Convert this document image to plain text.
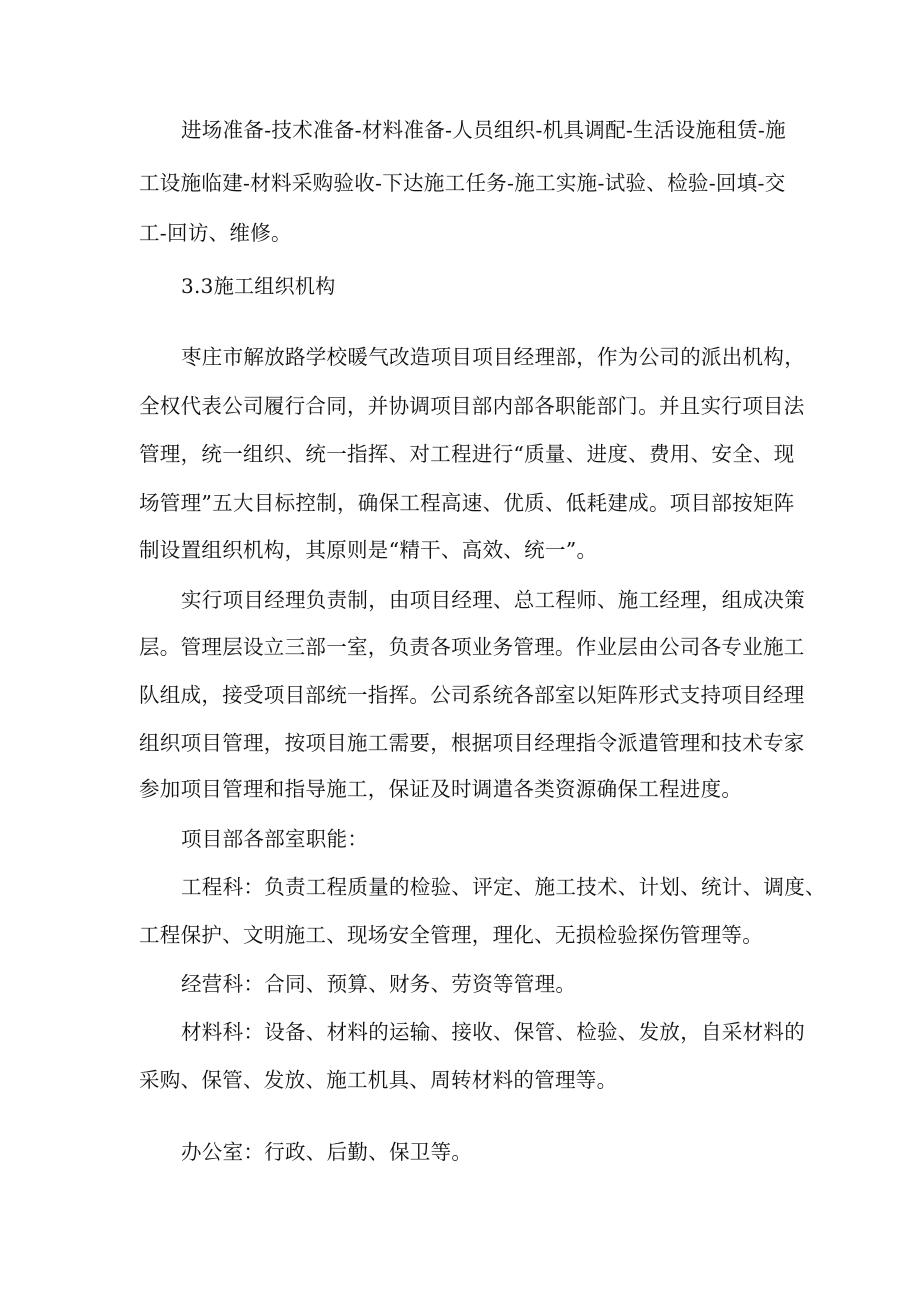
进场准备-技术准备-材料准备-人员组织-机具调配-生活设施租赁-施
工设施临建-材料采购验收-下达施工任务-施工实施-试验、检验-回填-交
工-回访、维修。
3.3施工组织机构
枣庄市解放路学校暖气改造项目项目经理部，作为公司的派出机构，
全权代表公司履行合同，并协调项目部内部各职能部门。并且实行项目法
管理，统一组织、统一指挥、对工程进行“质量、进度、费用、安全、现
场管理”五大目标控制，确保工程高速、优质、低耗建成。项目部按矩阵
制设置组织机构，其原则是“精干、高效、统一”。
实行项目经理负责制，由项目经理、总工程师、施工经理，组成决策
层。管理层设立三部一室，负责各项业务管理。作业层由公司各专业施工
队组成，接受项目部统一指挥。公司系统各部室以矩阵形式支持项目经理
组织项目管理，按项目施工需要，根据项目经理指令派遣管理和技术专家
参加项目管理和指导施工，保证及时调遣各类资源确保工程进度。
项目部各部室职能：
工程科：负责工程质量的检验、评定、施工技术、计划、统计、调度、
工程保护、文明施工、现场安全管理，理化、无损检验探伤管理等。
经营科：合同、预算、财务、劳资等管理。
材料科：设备、材料的运输、接收、保管、检验、发放，自采材料的
采购、保管、发放、施工机具、周转材料的管理等。
办公室：行政、后勤、保卫等。
